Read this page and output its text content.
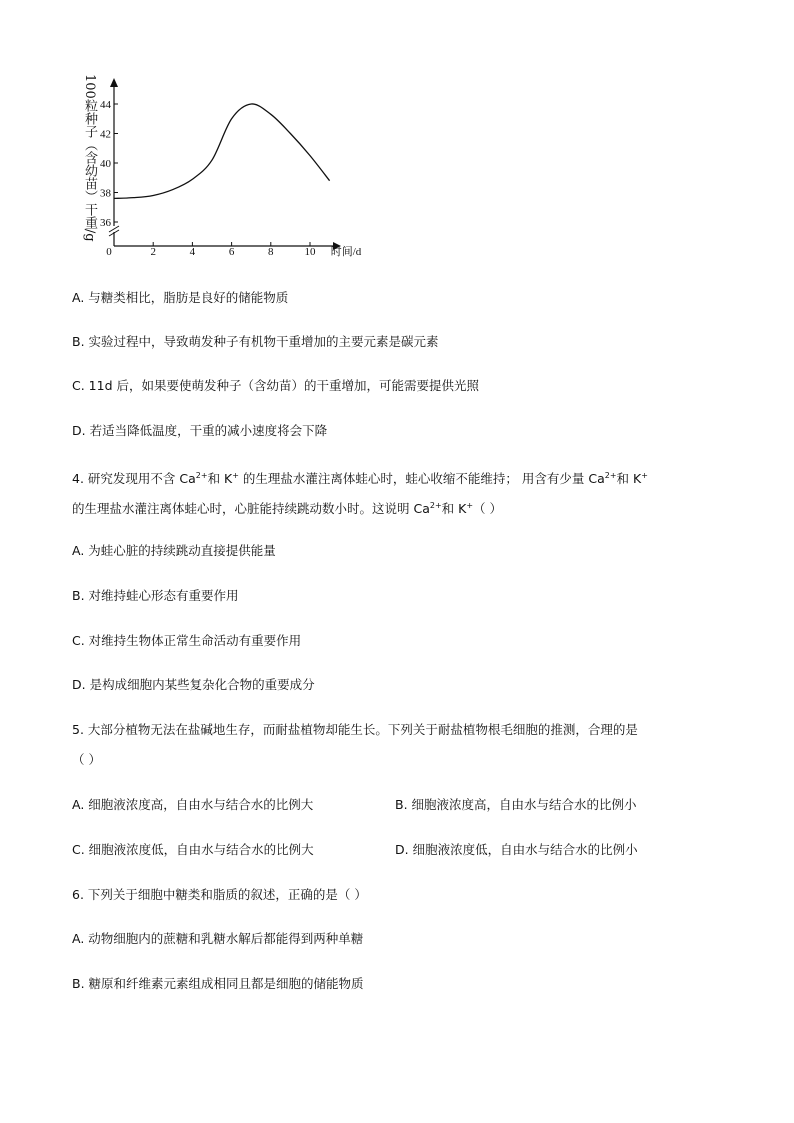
100粒种子（含幼苗）干重/g
0	2	4	6	8	10 时间/d
36
38
40
42
44
A. 与糖类相比，脂肪是良好的储能物质
B. 实验过程中，导致萌发种子有机物干重增加的主要元素是碳元素
C. 11d 后，如果要使萌发种子（含幼苗）的干重增加，可能需要提供光照
D. 若适当降低温度，干重的减小速度将会下降
4. 研究发现用不含 $Ca^{2+}$和 K+ 的生理盐水灌注离体蛙心时，蛙心收缩不能维持； 用含有少量 $Ca^{2+}$和 K+
的生理盐水灌注离体蛙心时，心脏能持续跳动数小时。这说明 $Ca^{2+}$和 K+（ ）
A. 为蛙心脏的持续跳动直接提供能量
B. 对维持蛙心形态有重要作用
C. 对维持生物体正常生命活动有重要作用
D. 是构成细胞内某些复杂化合物的重要成分
5. 大部分植物无法在盐碱地生存，而耐盐植物却能生长。下列关于耐盐植物根毛细胞的推测，合理的是
（ ）
A. 细胞液浓度高，自由水与结合水的比例大	B. 细胞液浓度高，自由水与结合水的比例小
C. 细胞液浓度低，自由水与结合水的比例大	D. 细胞液浓度低，自由水与结合水的比例小
6. 下列关于细胞中糖类和脂质的叙述，正确的是（ ）
A. 动物细胞内的蔗糖和乳糖水解后都能得到两种单糖
B. 糖原和纤维素元素组成相同且都是细胞的储能物质
